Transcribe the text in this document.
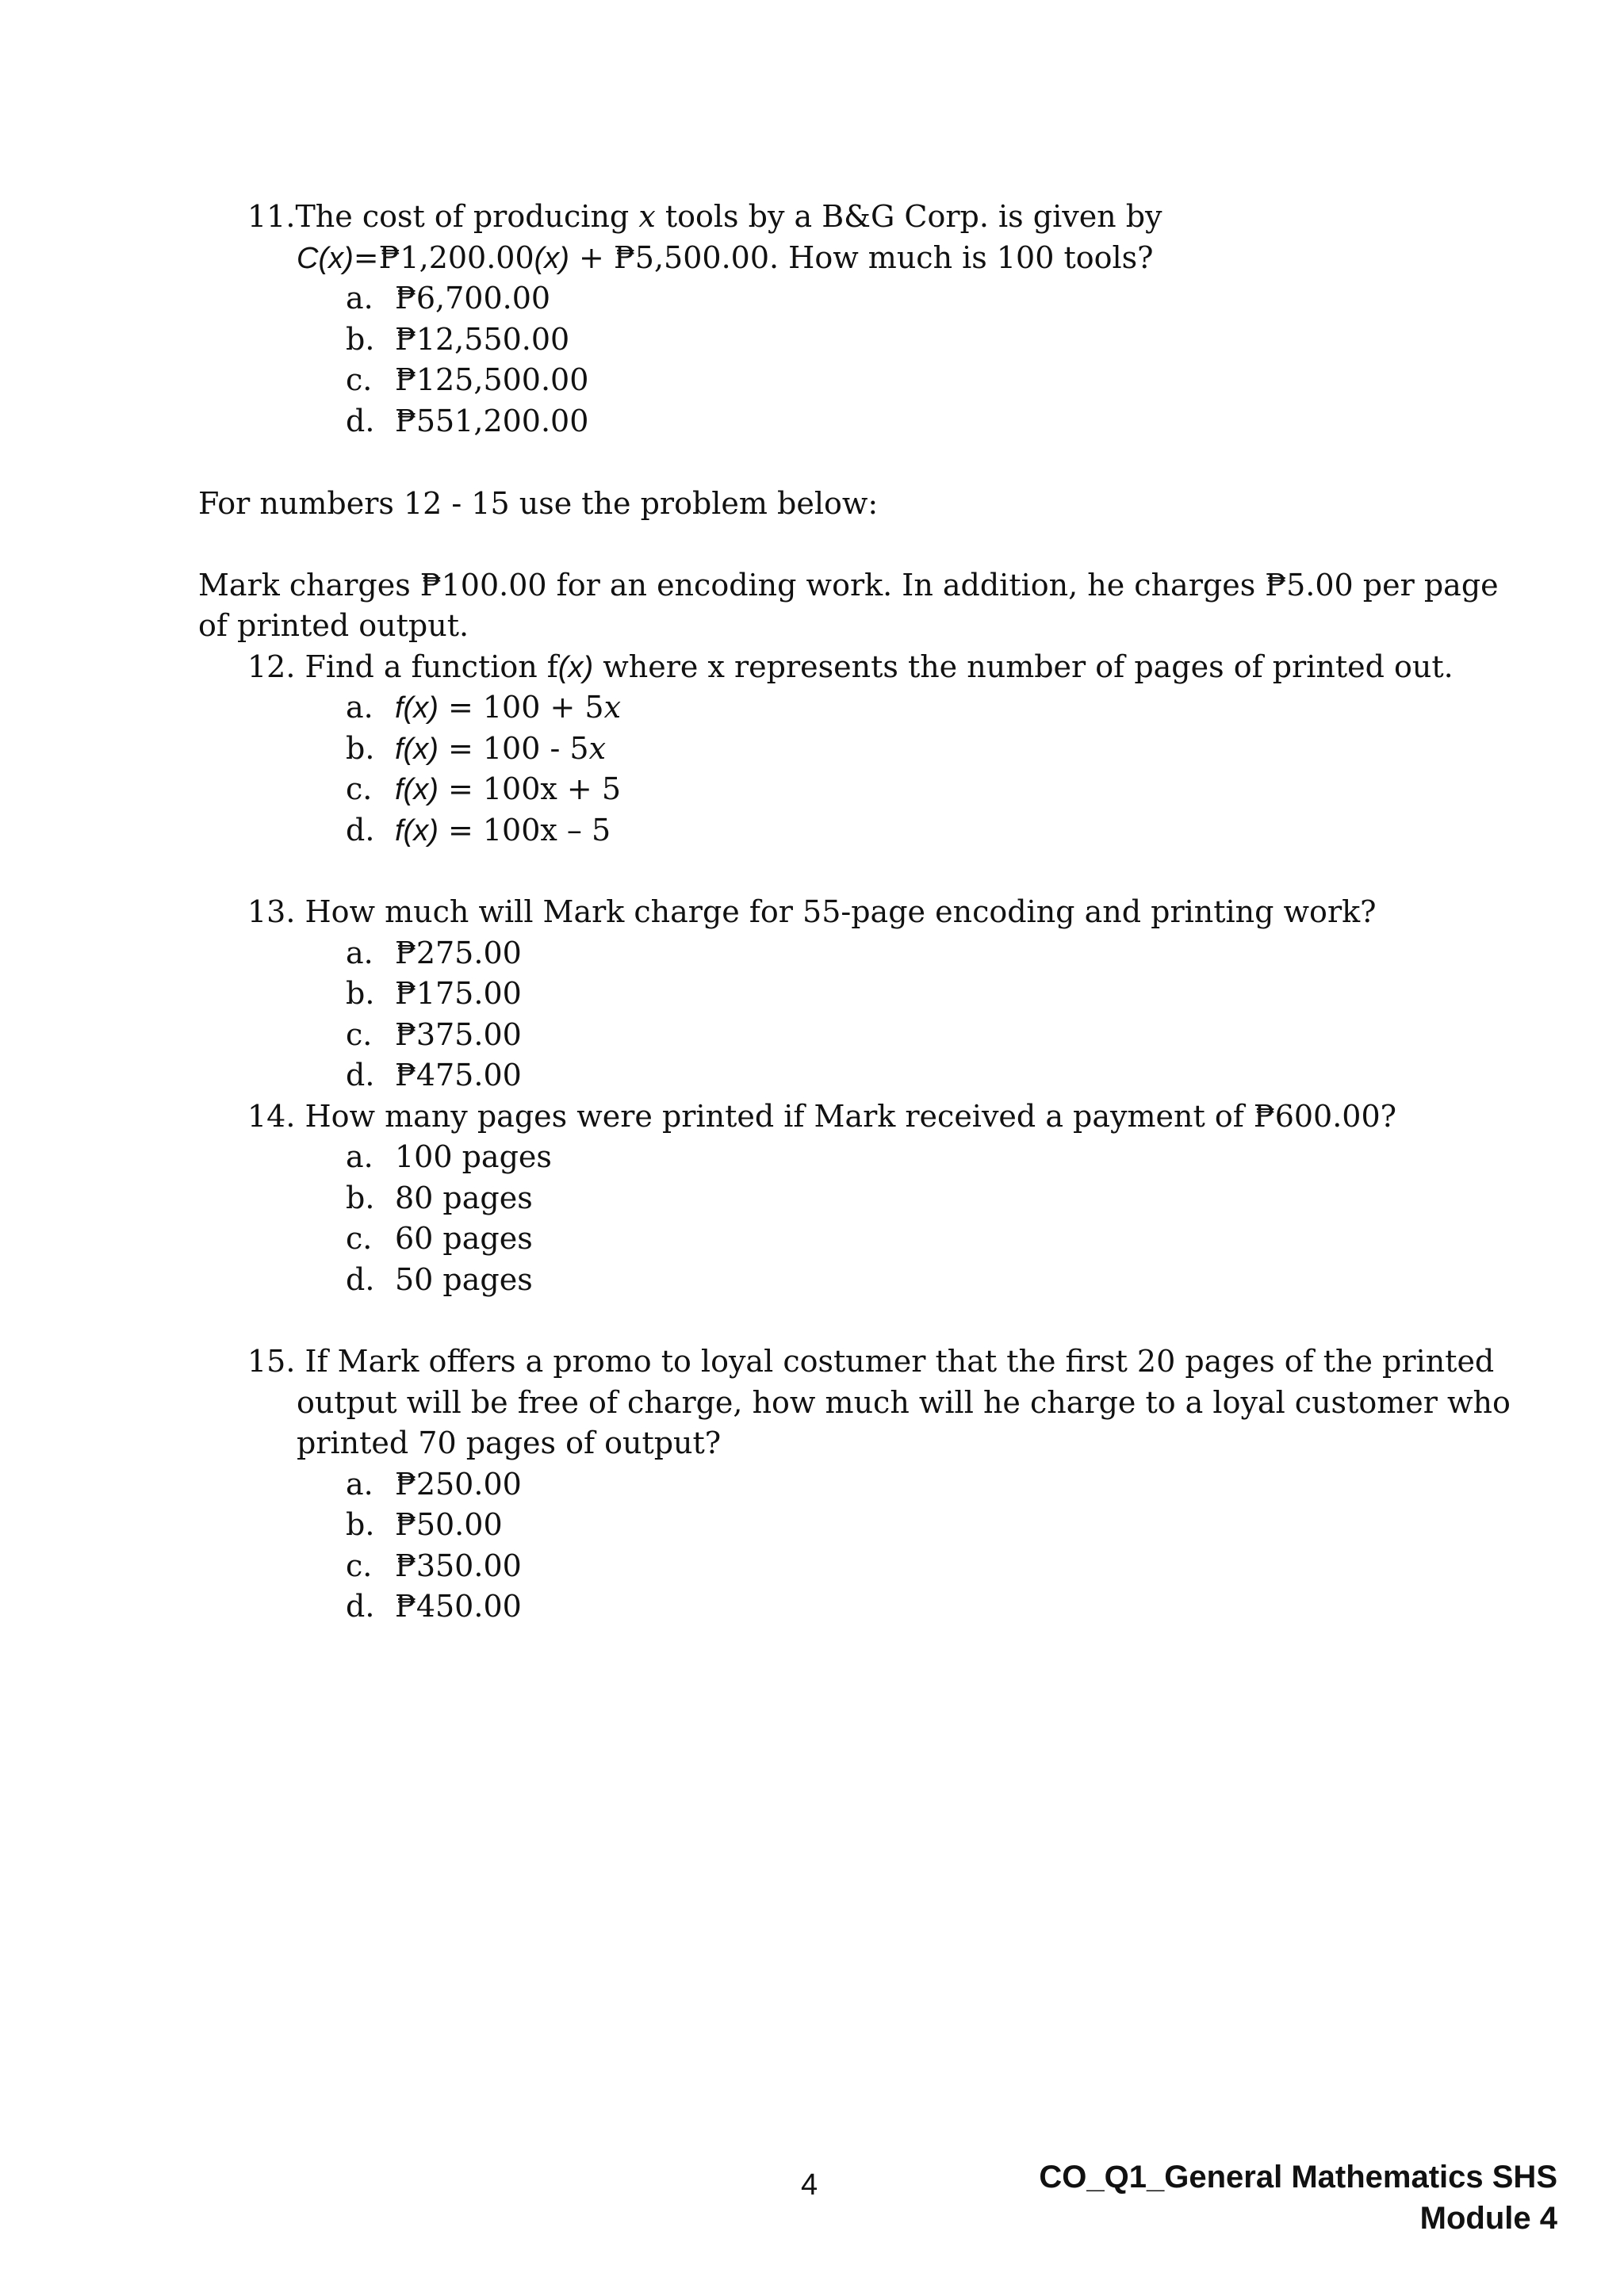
11.The cost of producing x tools by a B&G Corp. is given by
C(x)=₱1,200.00(x) + ₱5,500.00. How much is 100 tools?
a. ₱6,700.00
b. ₱12,550.00
c. ₱125,500.00
d. ₱551,200.00
For numbers 12 - 15 use the problem below:
Mark charges ₱100.00 for an encoding work. In addition, he charges ₱5.00 per page
of printed output.
12. Find a function f(x) where x represents the number of pages of printed out.
a. f(x) = 100 + 5x
b. f(x) = 100 - 5x
c. f(x) = 100x + 5
d. f(x) = 100x – 5
13. How much will Mark charge for 55-page encoding and printing work?
a. ₱275.00
b. ₱175.00
c. ₱375.00
d. ₱475.00
14. How many pages were printed if Mark received a payment of ₱600.00?
a. 100 pages
b. 80 pages
c. 60 pages
d. 50 pages
15. If Mark offers a promo to loyal costumer that the first 20 pages of the printed
output will be free of charge, how much will he charge to a loyal customer who
printed 70 pages of output?
a. ₱250.00
b. ₱50.00
c. ₱350.00
d. ₱450.00
4	CO_Q1_General Mathematics SHS
Module 4
